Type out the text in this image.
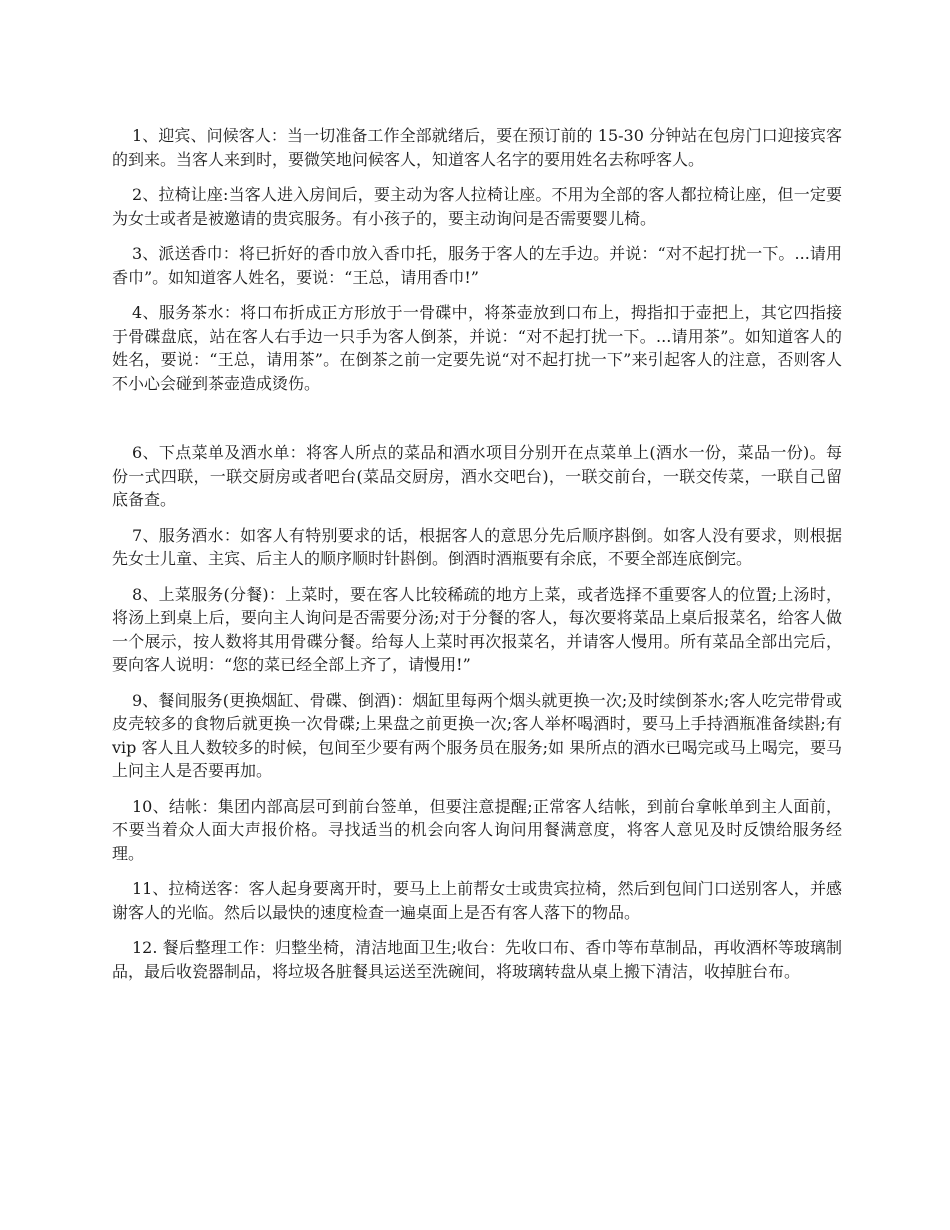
1、迎宾、问候客人：当一切准备工作全部就绪后，要在预订前的 15-30 分钟站在包房门口迎接宾客的到来。当客人来到时，要微笑地问候客人，知道客人名字的要用姓名去称呼客人。

2、拉椅让座:当客人进入房间后，要主动为客人拉椅让座。不用为全部的客人都拉椅让座，但一定要为女士或者是被邀请的贵宾服务。有小孩子的，要主动询问是否需要婴儿椅。

3、派送香巾：将已折好的香巾放入香巾托，服务于客人的左手边。并说：“对不起打扰一下。...请用香巾”。如知道客人姓名，要说：“王总，请用香巾!”

4、服务茶水：将口布折成正方形放于一骨碟中，将茶壶放到口布上，拇指扣于壶把上，其它四指接于骨碟盘底，站在客人右手边一只手为客人倒茶，并说：“对不起打扰一下。...请用茶”。如知道客人的姓名，要说：“王总，请用茶”。在倒茶之前一定要先说“对不起打扰一下”来引起客人的注意，否则客人不小心会碰到茶壶造成烫伤。

6、下点菜单及酒水单：将客人所点的菜品和酒水项目分别开在点菜单上(酒水一份，菜品一份)。每份一式四联，一联交厨房或者吧台(菜品交厨房，酒水交吧台)，一联交前台，一联交传菜，一联自己留底备查。

7、服务酒水：如客人有特别要求的话，根据客人的意思分先后顺序斟倒。如客人没有要求，则根据先女士儿童、主宾、后主人的顺序顺时针斟倒。倒酒时酒瓶要有余底，不要全部连底倒完。

8、上菜服务(分餐)：上菜时，要在客人比较稀疏的地方上菜，或者选择不重要客人的位置;上汤时，将汤上到桌上后，要向主人询问是否需要分汤;对于分餐的客人，每次要将菜品上桌后报菜名，给客人做一个展示，按人数将其用骨碟分餐。给每人上菜时再次报菜名，并请客人慢用。所有菜品全部出完后，要向客人说明：“您的菜已经全部上齐了，请慢用!”

9、餐间服务(更换烟缸、骨碟、倒酒)：烟缸里每两个烟头就更换一次;及时续倒茶水;客人吃完带骨或皮壳较多的食物后就更换一次骨碟;上果盘之前更换一次;客人举杯喝酒时，要马上手持酒瓶准备续斟;有 vip 客人且人数较多的时候，包间至少要有两个服务员在服务;如 果所点的酒水已喝完或马上喝完，要马上问主人是否要再加。

10、结帐：集团内部高层可到前台签单，但要注意提醒;正常客人结帐，到前台拿帐单到主人面前，不要当着众人面大声报价格。寻找适当的机会向客人询问用餐满意度，将客人意见及时反馈给服务经理。

11、拉椅送客：客人起身要离开时，要马上上前帮女士或贵宾拉椅，然后到包间门口送别客人，并感谢客人的光临。然后以最快的速度检查一遍桌面上是否有客人落下的物品。

12. 餐后整理工作：归整坐椅，清洁地面卫生;收台：先收口布、香巾等布草制品，再收酒杯等玻璃制品，最后收瓷器制品，将垃圾各脏餐具运送至洗碗间，将玻璃转盘从桌上搬下清洁，收掉脏台布。
